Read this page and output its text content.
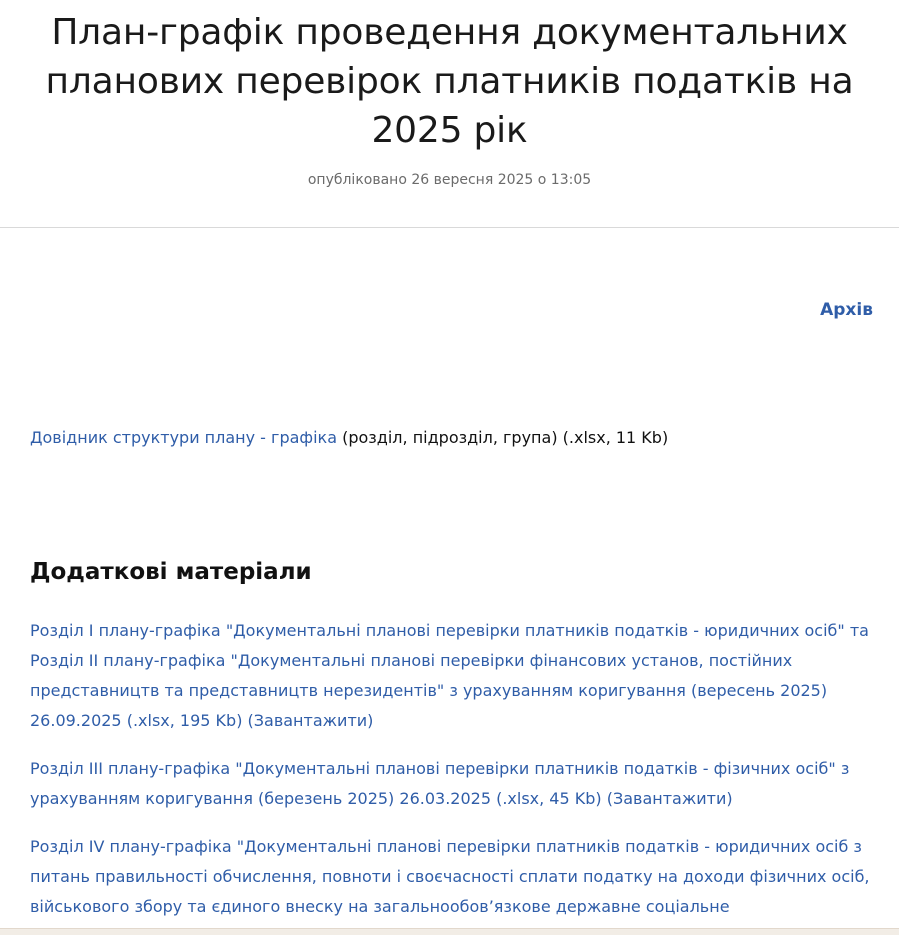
План-графік проведення документальних планових перевірок платників податків на 2025 рік
опубліковано 26 вересня 2025 о 13:05
Архів
Довідник структури плану - графіка (розділ, підрозділ, група) (.xlsx, 11 Kb)
Додаткові матеріали
Розділ І плану-графіка "Документальні планові перевірки платників податків - юридичних осіб" та Розділ ІІ плану-графіка "Документальні планові перевірки фінансових установ, постійних представництв та представництв нерезидентів" з урахуванням коригування (вересень 2025) 26.09.2025 (.xlsx, 195 Kb) (Завантажити)
Розділ ІІІ плану-графіка "Документальні планові перевірки платників податків - фізичних осіб" з урахуванням коригування (березень 2025) 26.03.2025 (.xlsx, 45 Kb) (Завантажити)
Розділ IV плану-графіка "Документальні планові перевірки платників податків - юридичних осіб з питань правильності обчислення, повноти і своєчасності сплати податку на доходи фізичних осіб, військового збору та єдиного внеску на загальнообов’язкове державне соціальне
